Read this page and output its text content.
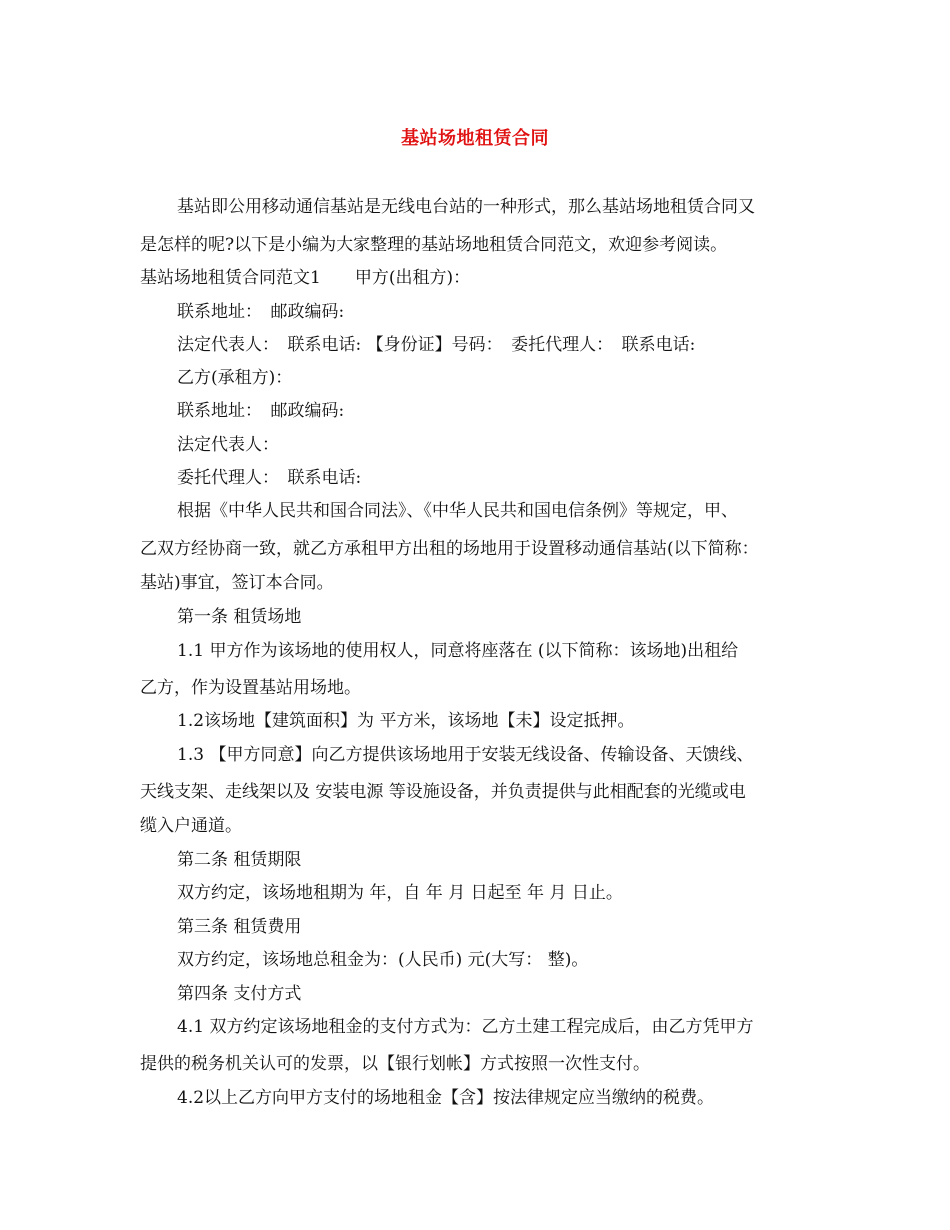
基站场地租赁合同
基站即公用移动通信基站是无线电台站的一种形式，那么基站场地租赁合同又
是怎样的呢?以下是小编为大家整理的基站场地租赁合同范文，欢迎参考阅读。
基站场地租赁合同范文1　　甲方(出租方)：
联系地址：　邮政编码:
法定代表人：　联系电话: 【身份证】号码：　委托代理人：　联系电话:
乙方(承租方)：
联系地址：　邮政编码:
法定代表人：
委托代理人：　联系电话:
根据《中华人民共和国合同法》、《中华人民共和国电信条例》等规定，甲、
乙双方经协商一致，就乙方承租甲方出租的场地用于设置移动通信基站(以下简称：
基站)事宜，签订本合同。
第一条 租赁场地
1.1 甲方作为该场地的使用权人，同意将座落在 (以下简称：该场地)出租给
乙方，作为设置基站用场地。
1.2该场地【建筑面积】为 平方米，该场地【未】设定抵押。
1.3 【甲方同意】向乙方提供该场地用于安装无线设备、传输设备、天馈线、
天线支架、走线架以及 安装电源 等设施设备，并负责提供与此相配套的光缆或电
缆入户通道。
第二条 租赁期限
双方约定，该场地租期为 年，自 年 月 日起至 年 月 日止。
第三条 租赁费用
双方约定，该场地总租金为：(人民币) 元(大写： 整)。
第四条 支付方式
4.1 双方约定该场地租金的支付方式为：乙方土建工程完成后，由乙方凭甲方
提供的税务机关认可的发票，以【银行划帐】方式按照一次性支付。
4.2以上乙方向甲方支付的场地租金【含】按法律规定应当缴纳的税费。
